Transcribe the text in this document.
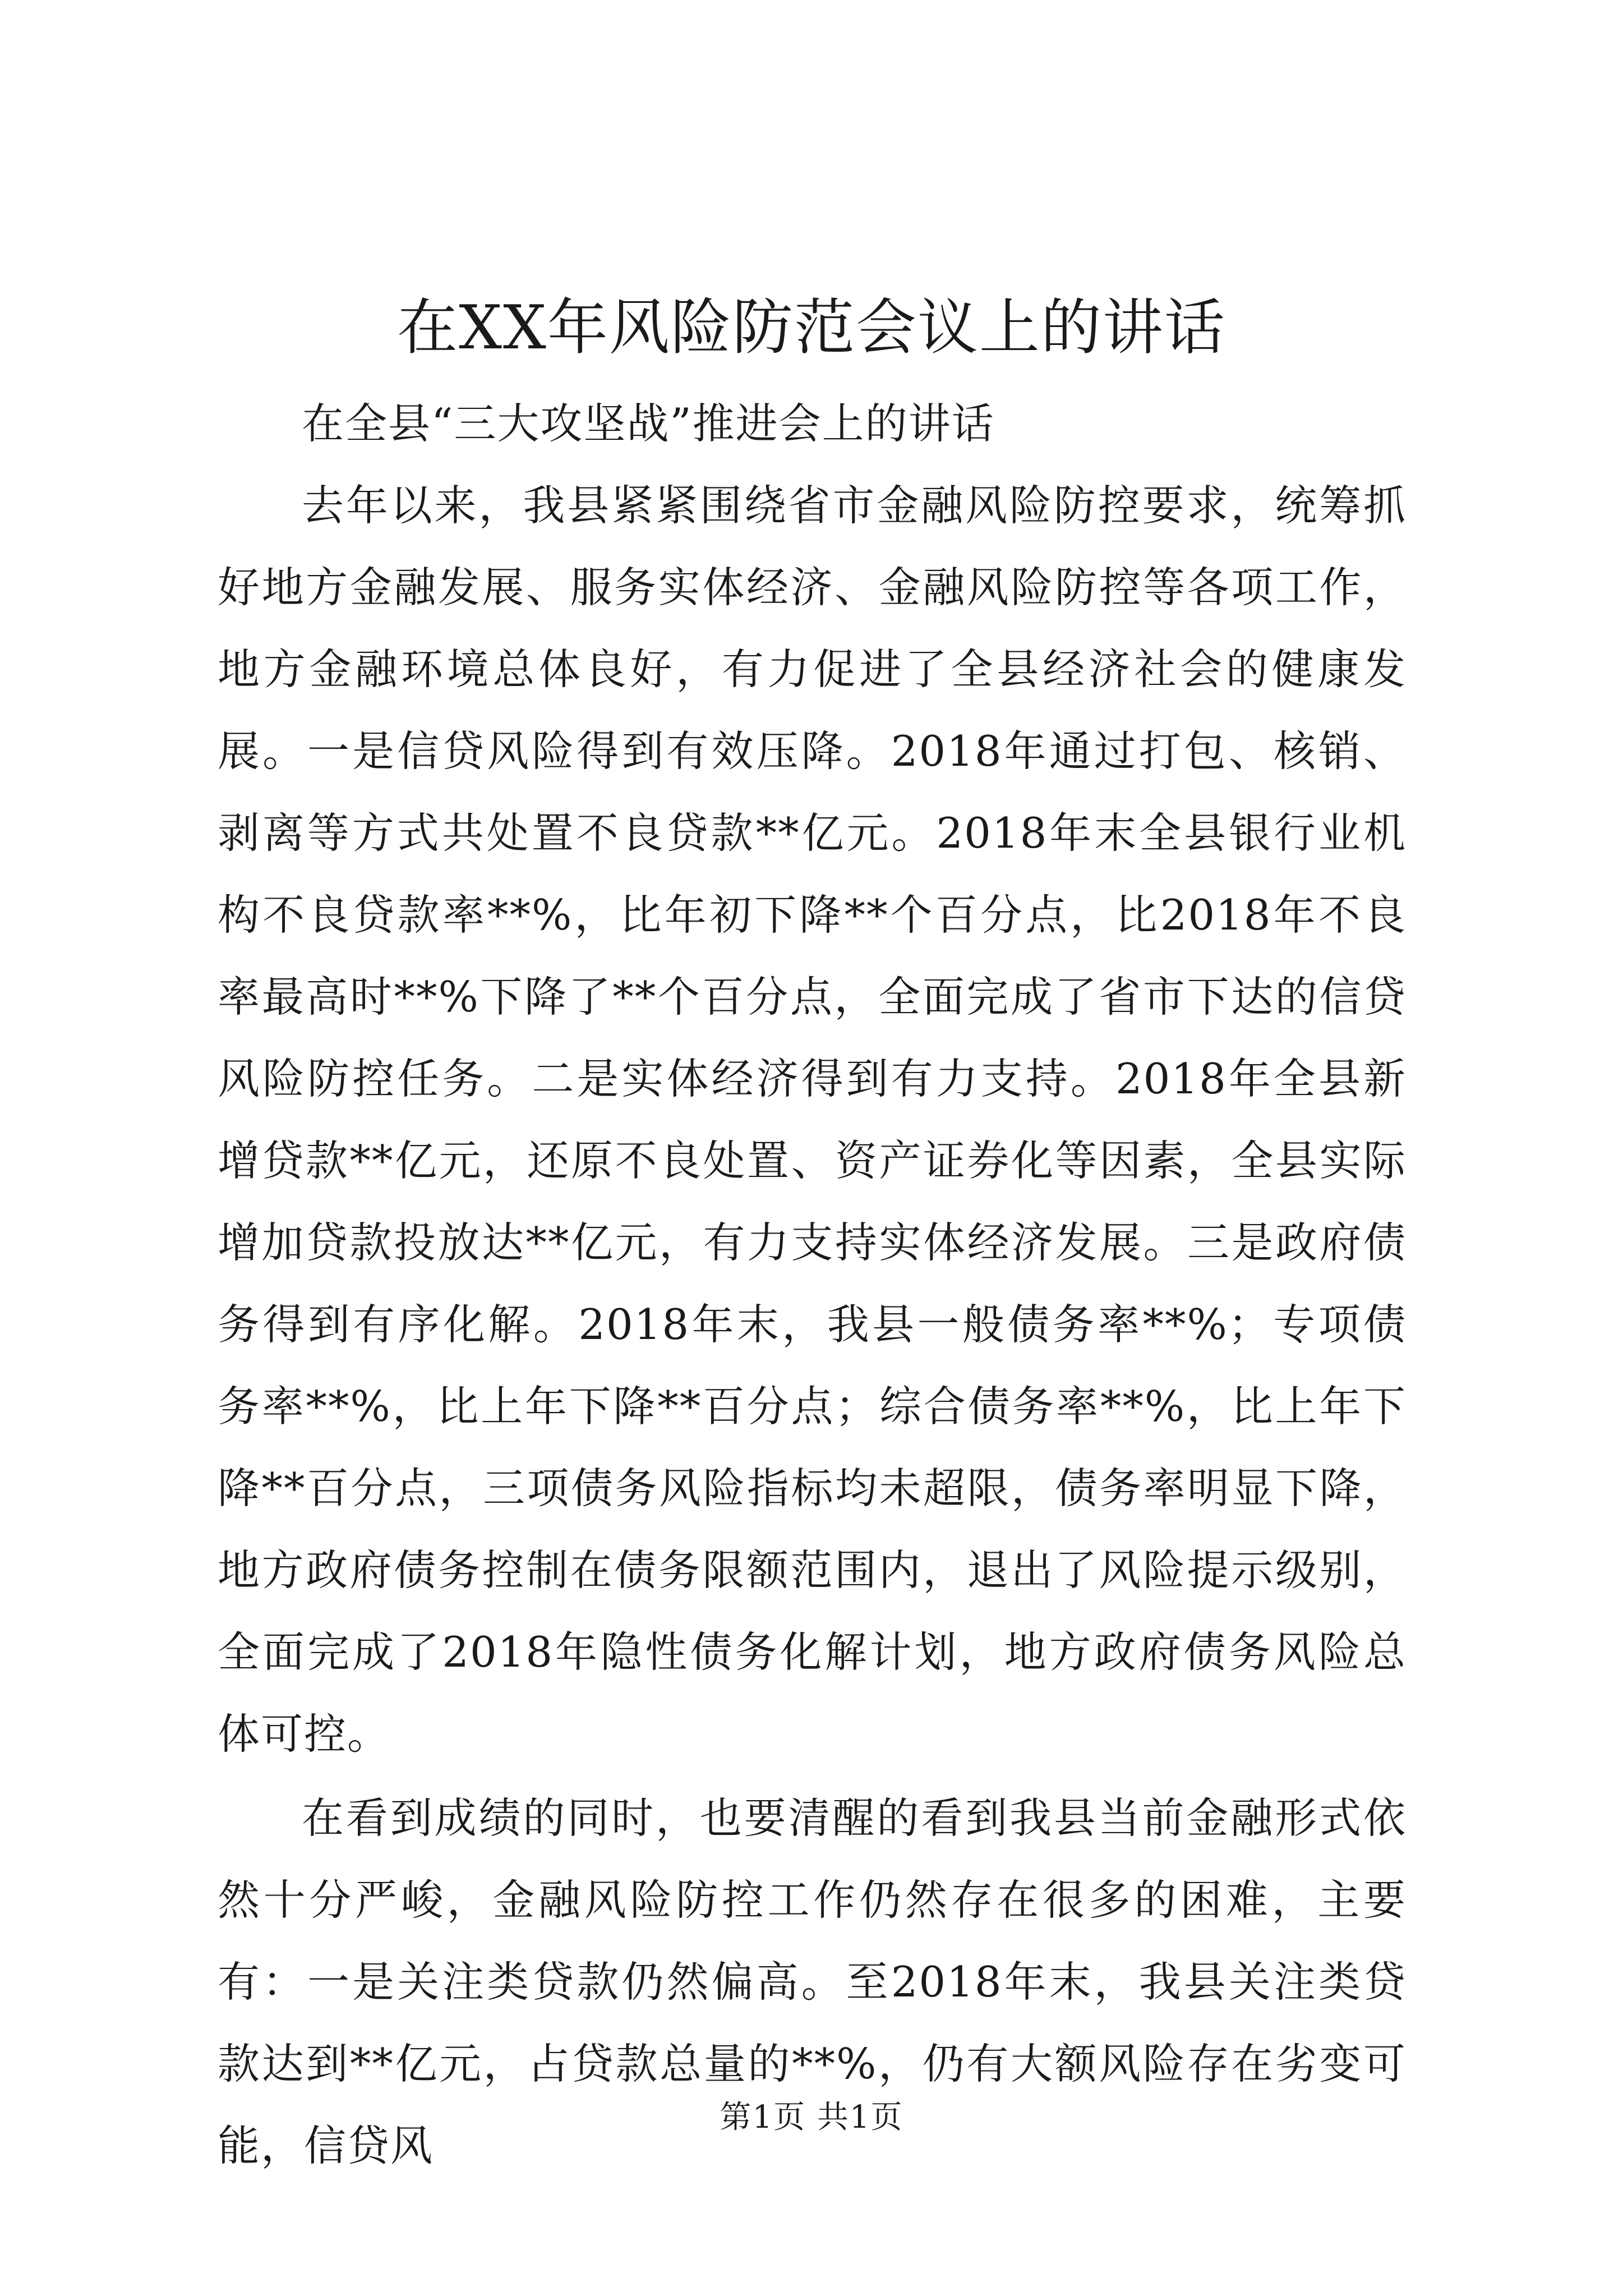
在XX年风险防范会议上的讲话

在全县“三大攻坚战”推进会上的讲话

去年以来，我县紧紧围绕省市金融风险防控要求，统筹抓好地方金融发展、服务实体经济、金融风险防控等各项工作，地方金融环境总体良好，有力促进了全县经济社会的健康发展。一是信贷风险得到有效压降。2018年通过打包、核销、剥离等方式共处置不良贷款**亿元。2018年末全县银行业机构不良贷款率**%，比年初下降**个百分点，比2018年不良率最高时**%下降了**个百分点，全面完成了省市下达的信贷风险防控任务。二是实体经济得到有力支持。2018年全县新增贷款**亿元，还原不良处置、资产证券化等因素，全县实际增加贷款投放达**亿元，有力支持实体经济发展。三是政府债务得到有序化解。2018年末，我县一般债务率**%；专项债务率**%，比上年下降**百分点；综合债务率**%，比上年下降**百分点，三项债务风险指标均未超限，债务率明显下降，地方政府债务控制在债务限额范围内，退出了风险提示级别，全面完成了2018年隐性债务化解计划，地方政府债务风险总体可控。

在看到成绩的同时，也要清醒的看到我县当前金融形式依然十分严峻，金融风险防控工作仍然存在很多的困难，主要有：一是关注类贷款仍然偏高。至2018年末，我县关注类贷款达到**亿元，占贷款总量的**%，仍有大额风险存在劣变可能，信贷风

第1页 共1页
